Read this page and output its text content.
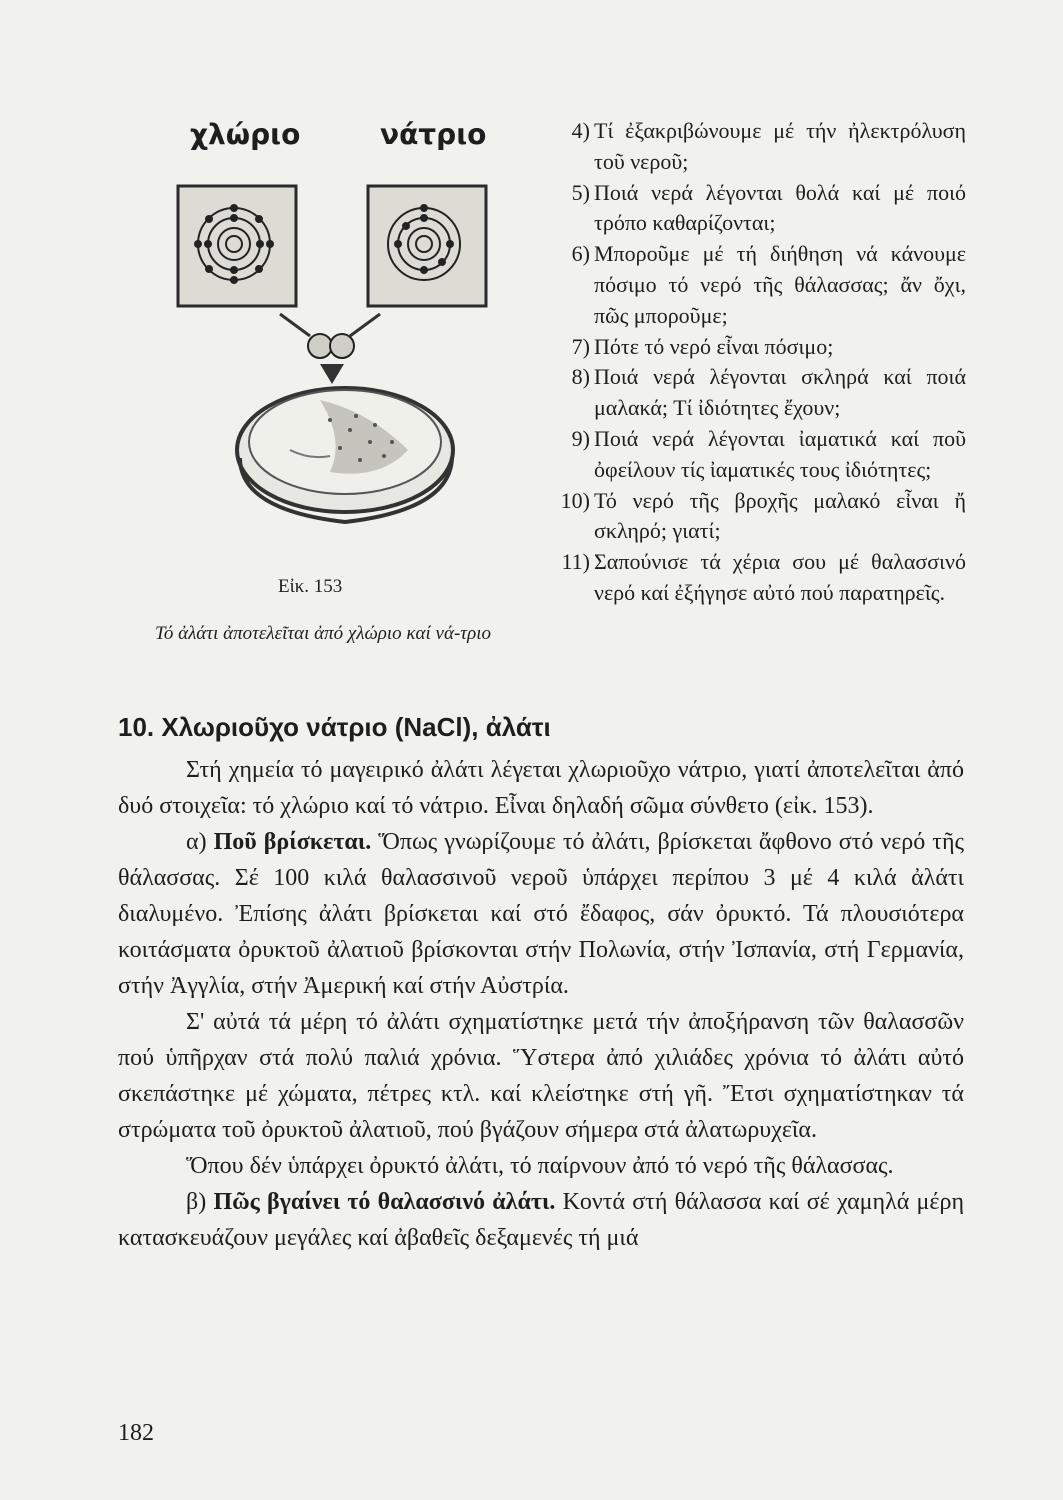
χλώριο	νάτριο
Εἰκ. 153
Τό ἀλάτι ἀποτελεῖται ἀπό χλώριο καί νά-τριο
4) Τί ἐξακριβώνουμε μέ τήν ἠλεκτρόλυση τοῦ νεροῦ;
5) Ποιά νερά λέγονται θολά καί μέ ποιό τρόπο καθαρίζονται;
6) Μποροῦμε μέ τή διήθηση νά κάνουμε πόσιμο τό νερό τῆς θάλασσας; ἄν ὄχι, πῶς μποροῦμε;
7) Πότε τό νερό εἶναι πόσιμο;
8) Ποιά νερά λέγονται σκληρά καί ποιά μαλακά; Τί ἰδιότητες ἔχουν;
9) Ποιά νερά λέγονται ἰαματικά καί ποῦ ὀφείλουν τίς ἰαματικές τους ἰδιότητες;
10) Τό νερό τῆς βροχῆς μαλακό εἶναι ἤ σκληρό; γιατί;
11) Σαπούνισε τά χέρια σου μέ θαλασσινό νερό καί ἐξήγησε αὐτό πού παρατηρεῖς.
10. Χλωριοῦχο νάτριο (NaCl), ἀλάτι

Στή χημεία τό μαγειρικό ἀλάτι λέγεται χλωριοῦχο νάτριο, γιατί ἀποτελεῖται ἀπό δυό στοιχεῖα: τό χλώριο καί τό νάτριο. Εἶναι δηλαδή σῶμα σύνθετο (εἰκ. 153).

α) Ποῦ βρίσκεται. Ὅπως γνωρίζουμε τό ἀλάτι, βρίσκεται ἄφθονο στό νερό τῆς θάλασσας. Σέ 100 κιλά θαλασσινοῦ νεροῦ ὑπάρχει περίπου 3 μέ 4 κιλά ἀλάτι διαλυμένο. Ἐπίσης ἀλάτι βρίσκεται καί στό ἔδαφος, σάν ὀρυκτό. Τά πλουσιότερα κοιτάσματα ὀρυκτοῦ ἀλατιοῦ βρίσκονται στήν Πολωνία, στήν Ἰσπανία, στή Γερμανία, στήν Ἀγγλία, στήν Ἀμερική καί στήν Αὐστρία.

Σ' αὐτά τά μέρη τό ἀλάτι σχηματίστηκε μετά τήν ἀποξήρανση τῶν θαλασσῶν πού ὑπῆρχαν στά πολύ παλιά χρόνια. Ὕστερα ἀπό χιλιάδες χρόνια τό ἀλάτι αὐτό σκεπάστηκε μέ χώματα, πέτρες κτλ. καί κλείστηκε στή γῆ. Ἔτσι σχηματίστηκαν τά στρώματα τοῦ ὀρυκτοῦ ἀλατιοῦ, πού βγάζουν σήμερα στά ἀλατωρυχεῖα.

Ὅπου δέν ὑπάρχει ὀρυκτό ἀλάτι, τό παίρνουν ἀπό τό νερό τῆς θάλασσας.

β) Πῶς βγαίνει τό θαλασσινό ἀλάτι. Κοντά στή θάλασσα καί σέ χαμηλά μέρη κατασκευάζουν μεγάλες καί ἀβαθεῖς δεξαμενές τή μιά

182
